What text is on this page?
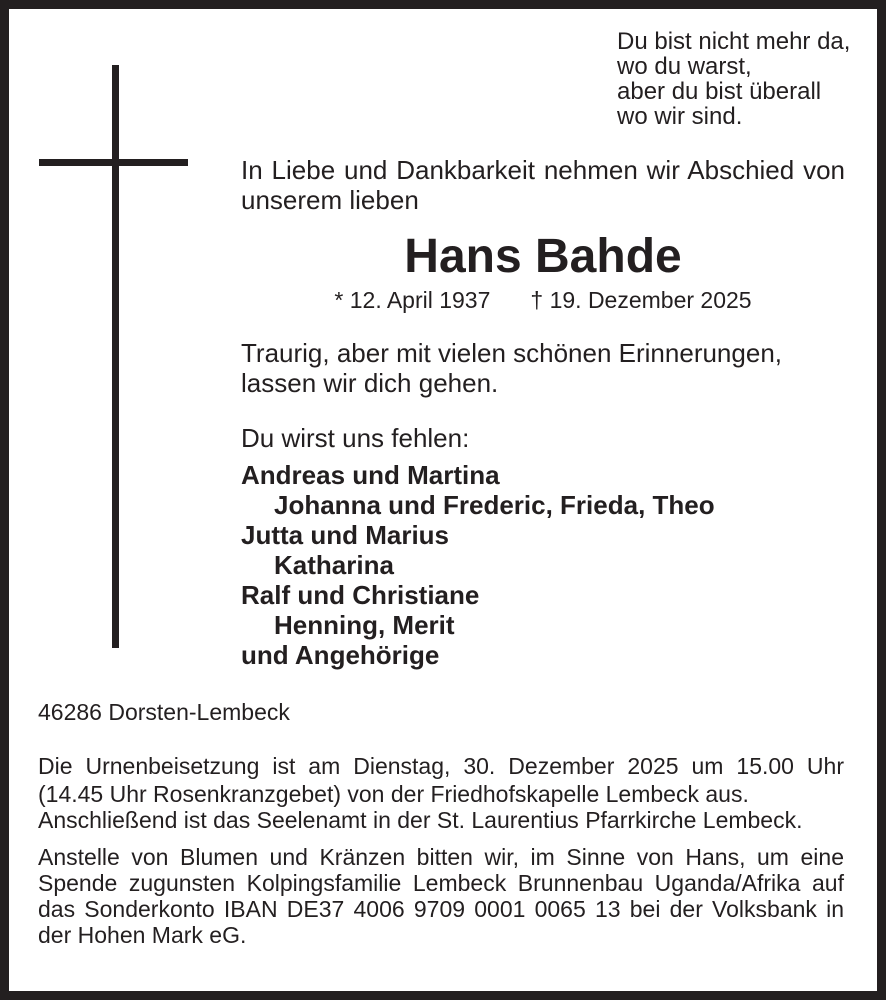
Du bist nicht mehr da,
wo du warst,
aber du bist überall
wo wir sind.

In Liebe und Dankbarkeit nehmen wir Abschied von unserem lieben

Hans Bahde
* 12. April 1937 † 19. Dezember 2025
Traurig, aber mit vielen schönen Erinnerungen,
lassen wir dich gehen.

Du wirst uns fehlen:

Andreas und Martina
Johanna und Frederic, Frieda, Theo
Jutta und Marius
Katharina
Ralf und Christiane
Henning, Merit
und Angehörige

46286 Dorsten-Lembeck

Die Urnenbeisetzung ist am Dienstag, 30. Dezember 2025 um 15.00 Uhr (14.45 Uhr Rosenkranzgebet) von der Friedhofskapelle Lembeck aus.

Anschließend ist das Seelenamt in der St. Laurentius Pfarrkirche Lembeck.

Anstelle von Blumen und Kränzen bitten wir, im Sinne von Hans, um eine Spende zugunsten Kolpingsfamilie Lembeck Brunnenbau Uganda/Afrika auf das Sonderkonto IBAN DE37 4006 9709 0001 0065 13 bei der Volksbank in der Hohen Mark eG.
